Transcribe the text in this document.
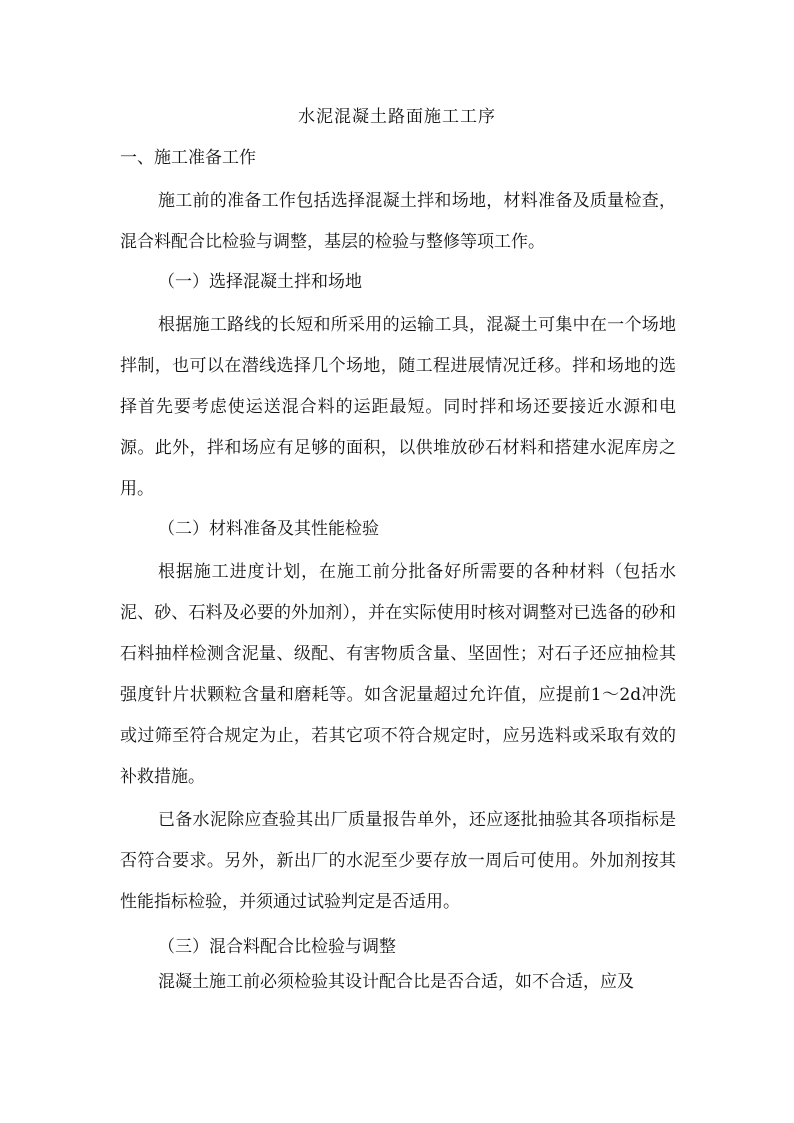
水泥混凝土路面施工工序
一、施工准备工作

施工前的准备工作包括选择混凝土拌和场地，材料准备及质量检查，混合料配合比检验与调整，基层的检验与整修等项工作。

（一）选择混凝土拌和场地

根据施工路线的长短和所采用的运输工具，混凝土可集中在一个场地拌制，也可以在潜线选择几个场地，随工程进展情况迁移。拌和场地的选择首先要考虑使运送混合料的运距最短。同时拌和场还要接近水源和电源。此外，拌和场应有足够的面积，以供堆放砂石材料和搭建水泥库房之用。

（二）材料准备及其性能检验

根据施工进度计划，在施工前分批备好所需要的各种材料（包括水泥、砂、石料及必要的外加剂），并在实际使用时核对调整对已选备的砂和石料抽样检测含泥量、级配、有害物质含量、坚固性；对石子还应抽检其强度针片状颗粒含量和磨耗等。如含泥量超过允许值，应提前1～2d冲洗或过筛至符合规定为止，若其它项不符合规定时，应另选料或采取有效的补救措施。

已备水泥除应查验其出厂质量报告单外，还应逐批抽验其各项指标是否符合要求。另外，新出厂的水泥至少要存放一周后可使用。外加剂按其性能指标检验，并须通过试验判定是否适用。

（三）混合料配合比检验与调整

混凝土施工前必须检验其设计配合比是否合适，如不合适，应及
